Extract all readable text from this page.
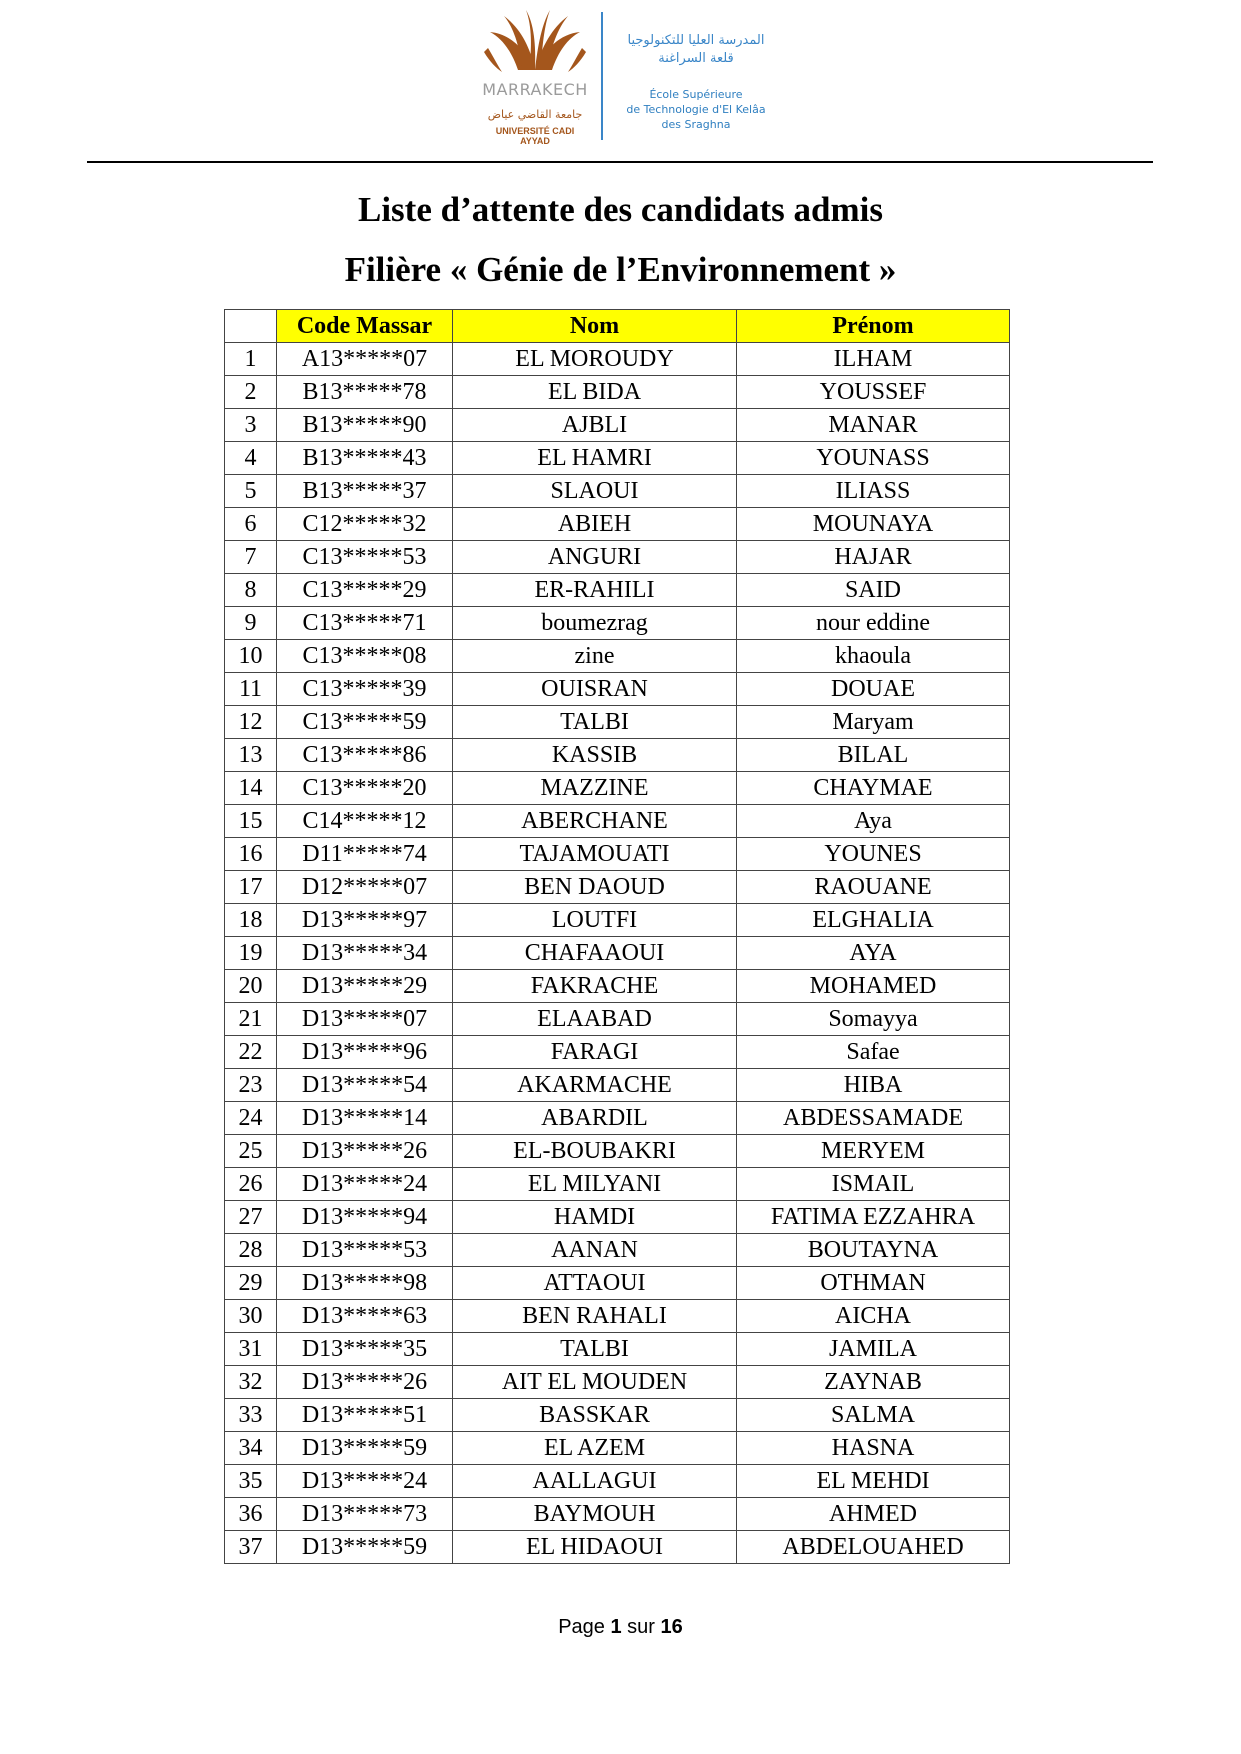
MARRAKECH
جامعة القاضي عياض
UNIVERSITÉ CADI AYYAD
المدرسة العليا للتكنولوجيا
قلعة السراغنة
École Supérieure
de Technologie d'El Kelâa
des Sraghna
Liste d’attente des candidats admis
Filière « Génie de l’Environnement »
	Code Massar	Nom	Prénom
1	A13*****07	EL MOROUDY	ILHAM
2	B13*****78	EL BIDA	YOUSSEF
3	B13*****90	AJBLI	MANAR
4	B13*****43	EL HAMRI	YOUNASS
5	B13*****37	SLAOUI	ILIASS
6	C12*****32	ABIEH	MOUNAYA
7	C13*****53	ANGURI	HAJAR
8	C13*****29	ER-RAHILI	SAID
9	C13*****71	boumezrag	nour eddine
10	C13*****08	zine	khaoula
11	C13*****39	OUISRAN	DOUAE
12	C13*****59	TALBI	Maryam
13	C13*****86	KASSIB	BILAL
14	C13*****20	MAZZINE	CHAYMAE
15	C14*****12	ABERCHANE	Aya
16	D11*****74	TAJAMOUATI	YOUNES
17	D12*****07	BEN DAOUD	RAOUANE
18	D13*****97	LOUTFI	ELGHALIA
19	D13*****34	CHAFAAOUI	AYA
20	D13*****29	FAKRACHE	MOHAMED
21	D13*****07	ELAABAD	Somayya
22	D13*****96	FARAGI	Safae
23	D13*****54	AKARMACHE	HIBA
24	D13*****14	ABARDIL	ABDESSAMADE
25	D13*****26	EL-BOUBAKRI	MERYEM
26	D13*****24	EL MILYANI	ISMAIL
27	D13*****94	HAMDI	FATIMA EZZAHRA
28	D13*****53	AANAN	BOUTAYNA
29	D13*****98	ATTAOUI	OTHMAN
30	D13*****63	BEN RAHALI	AICHA
31	D13*****35	TALBI	JAMILA
32	D13*****26	AIT EL MOUDEN	ZAYNAB
33	D13*****51	BASSKAR	SALMA
34	D13*****59	EL AZEM	HASNA
35	D13*****24	AALLAGUI	EL MEHDI
36	D13*****73	BAYMOUH	AHMED
37	D13*****59	EL HIDAOUI	ABDELOUAHED
Page 1 sur 16
